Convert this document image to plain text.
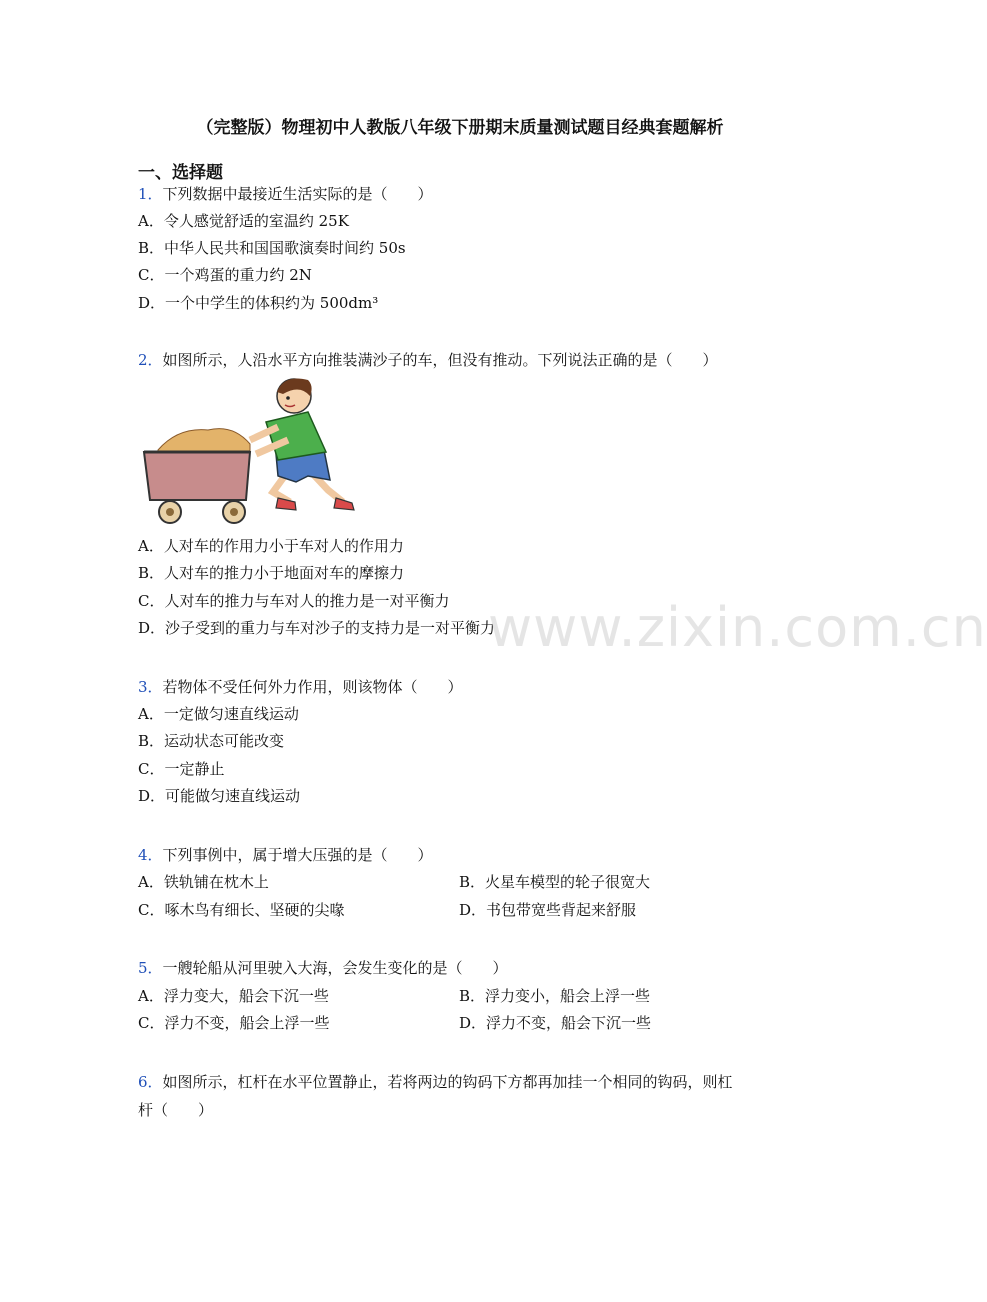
（完整版）物理初中人教版八年级下册期末质量测试题目经典套题解析
一、选择题
1．下列数据中最接近生活实际的是（　　）
A．令人感觉舒适的室温约 25K
B．中华人民共和国国歌演奏时间约 50s
C．一个鸡蛋的重力约 2N
D．一个中学生的体积约为 500dm³
2．如图所示，人沿水平方向推装满沙子的车，但没有推动。下列说法正确的是（　　）
A．人对车的作用力小于车对人的作用力
B．人对车的推力小于地面对车的摩擦力
C．人对车的推力与车对人的推力是一对平衡力
D．沙子受到的重力与车对沙子的支持力是一对平衡力
3．若物体不受任何外力作用，则该物体（　　）
A．一定做匀速直线运动
B．运动状态可能改变
C．一定静止
D．可能做匀速直线运动
4．下列事例中，属于增大压强的是（　　）
A．铁轨铺在枕木上	B．火星车模型的轮子很宽大
C．啄木鸟有细长、坚硬的尖喙	D．书包带宽些背起来舒服
5．一艘轮船从河里驶入大海，会发生变化的是（　　）
A．浮力变大，船会下沉一些	B．浮力变小，船会上浮一些
C．浮力不变，船会上浮一些	D．浮力不变，船会下沉一些
6．如图所示，杠杆在水平位置静止，若将两边的钩码下方都再加挂一个相同的钩码，则杠
杆（　　）
www.zixin.com.cn
